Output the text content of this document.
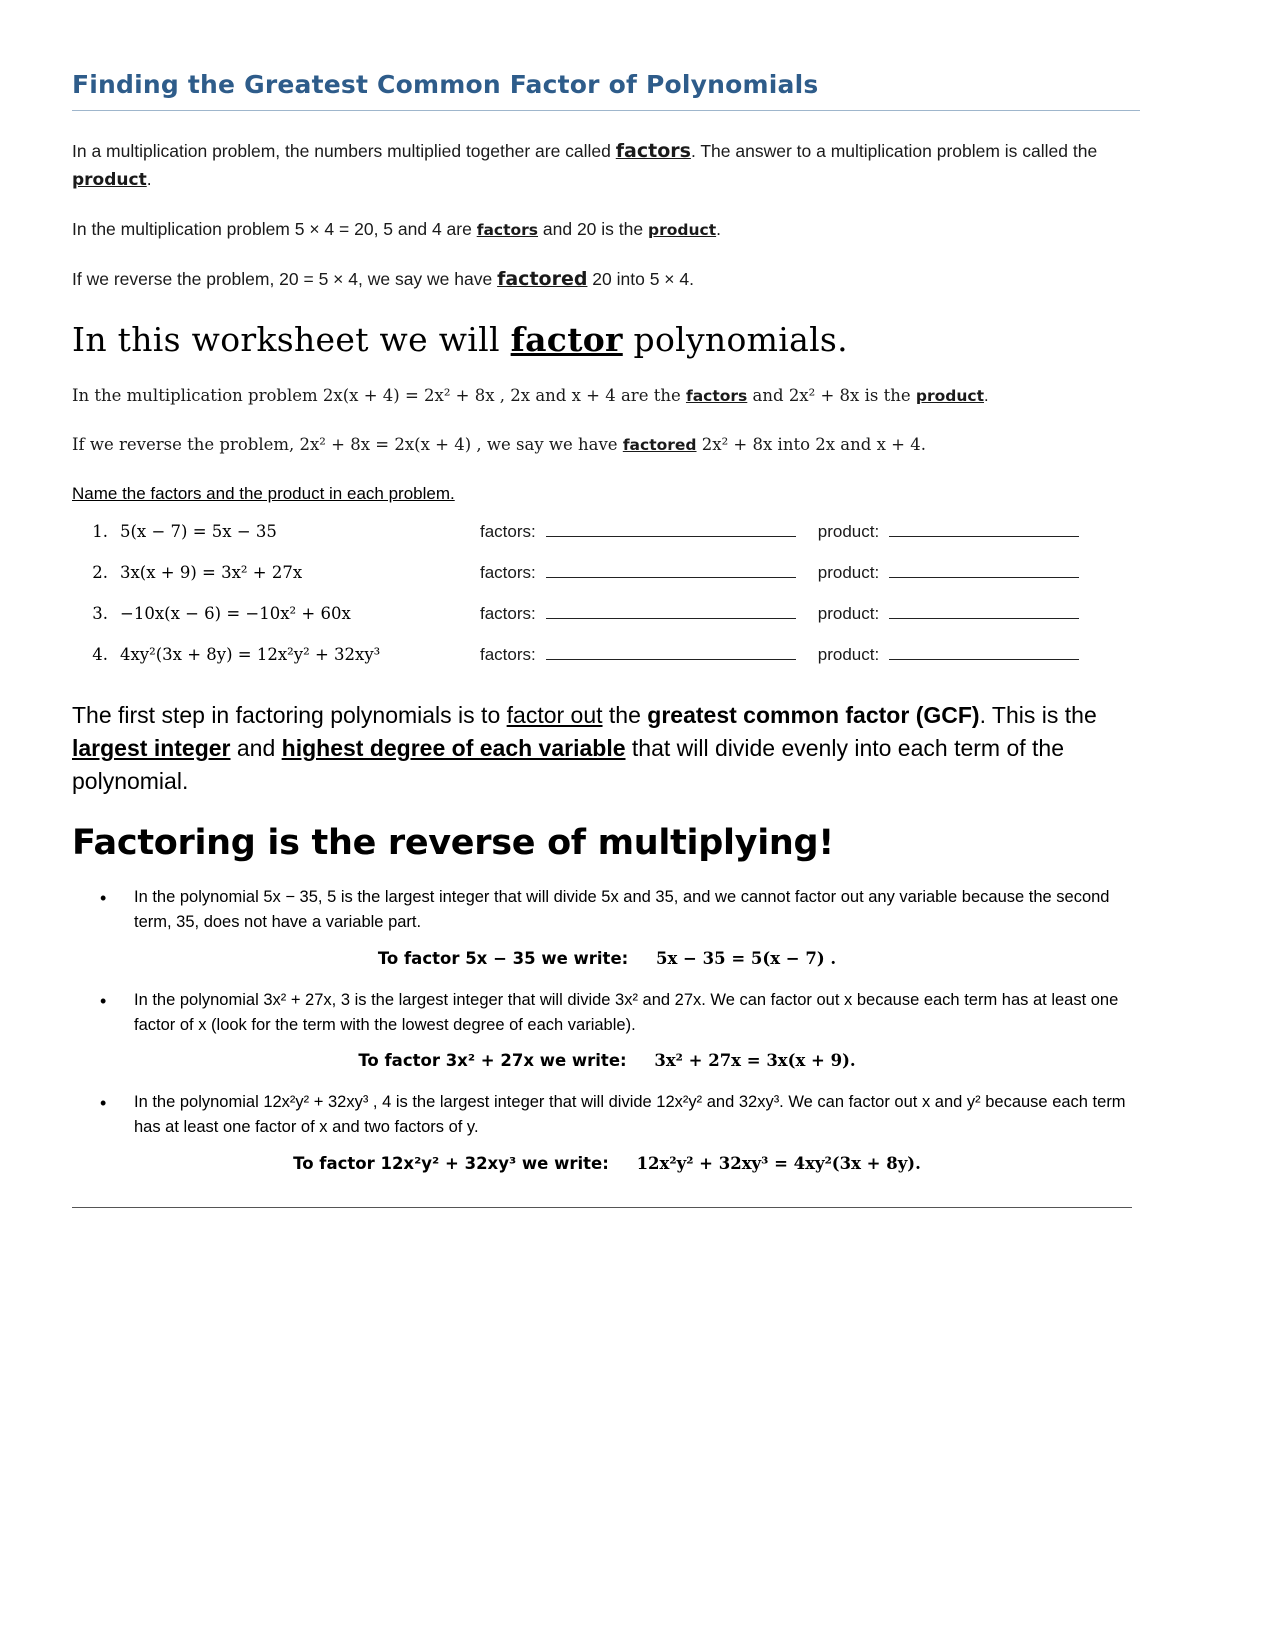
Finding the Greatest Common Factor of Polynomials

In a multiplication problem, the numbers multiplied together are called factors. The answer to a multiplication problem is called the product.

In the multiplication problem 5 × 4 = 20, 5 and 4 are factors and 20 is the product.

If we reverse the problem, 20 = 5 × 4, we say we have factored 20 into 5 × 4.

In this worksheet we will factor polynomials.

In the multiplication problem 2x(x + 4) = 2x² + 8x , 2x and x + 4 are the factors and 2x² + 8x is the product.

If we reverse the problem, 2x² + 8x = 2x(x + 4) , we say we have factored 2x² + 8x into 2x and x + 4.

Name the factors and the product in each problem.
1. 5(x − 7) = 5x − 35	factors:	product:
2. 3x(x + 9) = 3x² + 27x	factors:	product:
3. −10x(x − 6) = −10x² + 60x	factors:	product:
4. 4xy²(3x + 8y) = 12x²y² + 32xy³	factors:	product:

The first step in factoring polynomials is to factor out the greatest common factor (GCF). This is the largest integer and highest degree of each variable that will divide evenly into each term of the polynomial.

Factoring is the reverse of multiplying!
•	In the polynomial 5x − 35, 5 is the largest integer that will divide 5x and 35, and we cannot factor out any variable because the second term, 35, does not have a variable part.
To factor 5x − 35 we write: 5x − 35 = 5(x − 7) .
•	In the polynomial 3x² + 27x, 3 is the largest integer that will divide 3x² and 27x. We can factor out x because each term has at least one factor of x (look for the term with the lowest degree of each variable).
To factor 3x² + 27x we write: 3x² + 27x = 3x(x + 9).
•	In the polynomial 12x²y² + 32xy³ , 4 is the largest integer that will divide 12x²y² and 32xy³. We can factor out x and y² because each term has at least one factor of x and two factors of y.
To factor 12x²y² + 32xy³ we write: 12x²y² + 32xy³ = 4xy²(3x + 8y).
